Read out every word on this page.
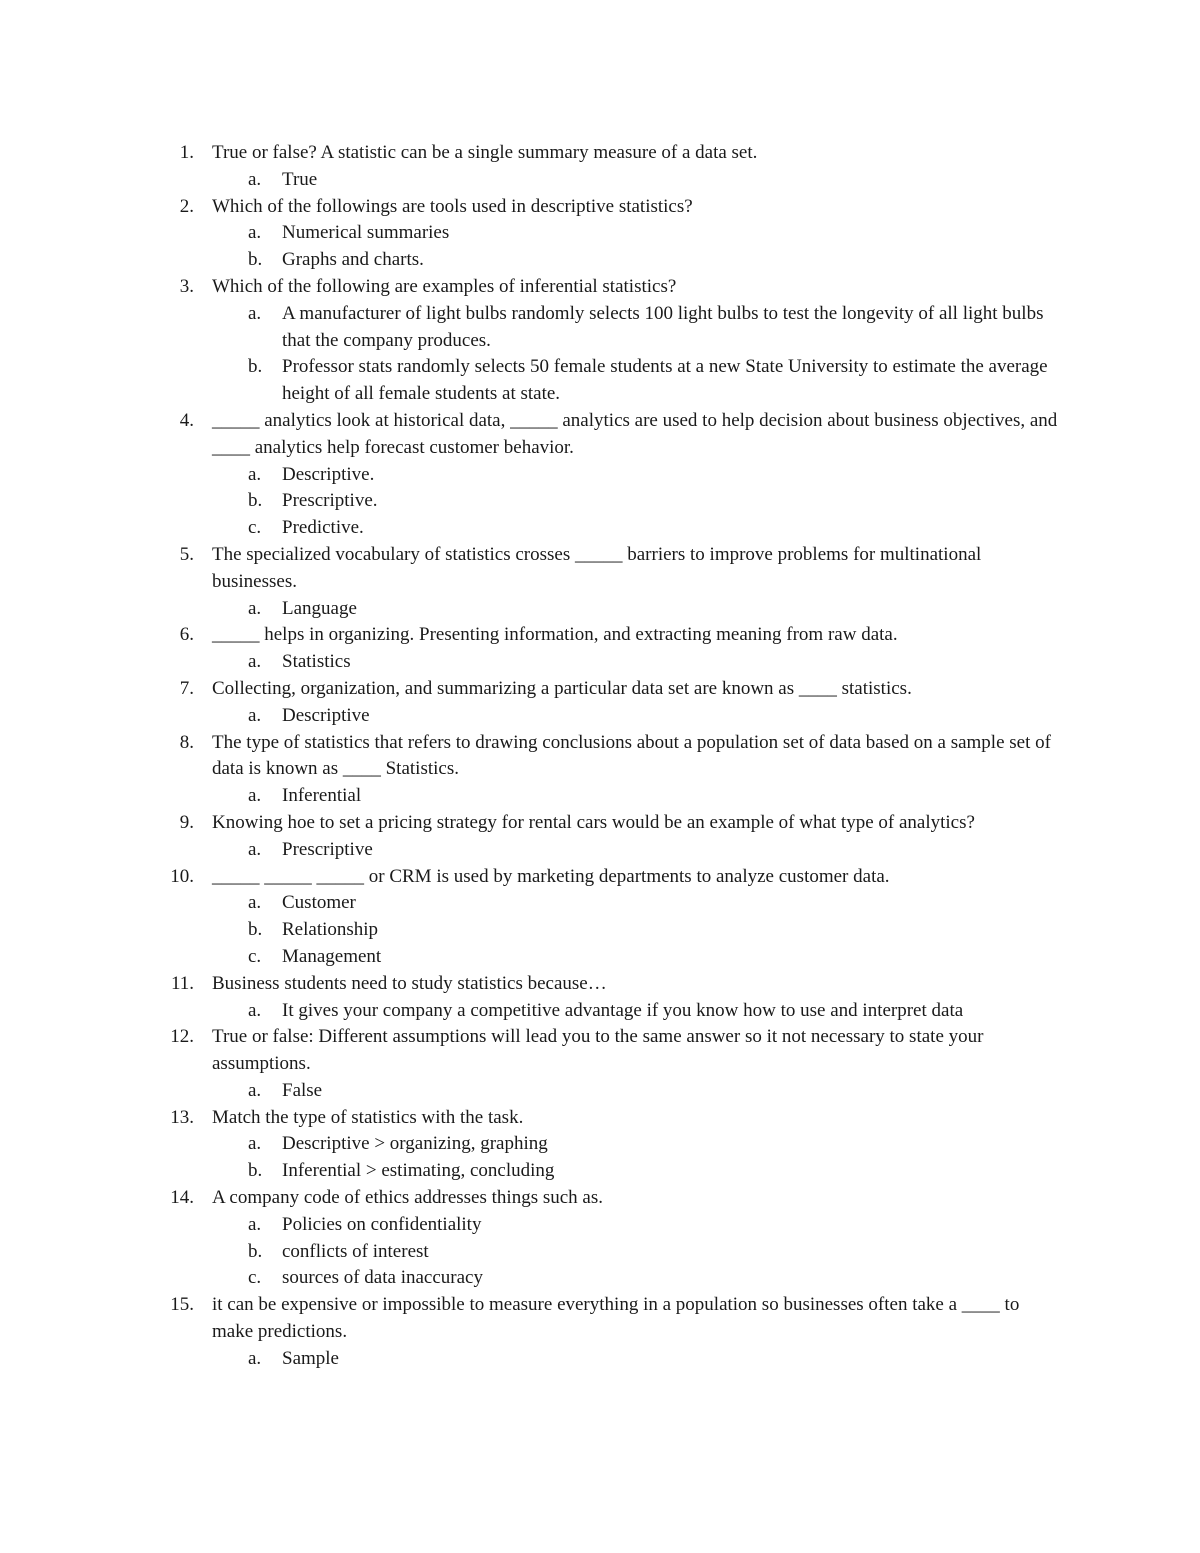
1. True or false? A statistic can be a single summary measure of a data set.
a.	True
2. Which of the followings are tools used in descriptive statistics?
a.	Numerical summaries
b.	Graphs and charts.
3. Which of the following are examples of inferential statistics?
a.	A manufacturer of light bulbs randomly selects 100 light bulbs to test the longevity of all light bulbs that the company produces.
b.	Professor stats randomly selects 50 female students at a new State University to estimate the average height of all female students at state.
4. _____ analytics look at historical data, _____ analytics are used to help decision about business objectives, and ____ analytics help forecast customer behavior.
a.	Descriptive.
b.	Prescriptive.
c.	Predictive.
5. The specialized vocabulary of statistics crosses _____ barriers to improve problems for multinational businesses.
a.	Language
6. _____ helps in organizing. Presenting information, and extracting meaning from raw data.
a.	Statistics
7. Collecting, organization, and summarizing a particular data set are known as ____ statistics.
a.	Descriptive
8. The type of statistics that refers to drawing conclusions about a population set of data based on a sample set of data is known as ____ Statistics.
a.	Inferential
9. Knowing hoe to set a pricing strategy for rental cars would be an example of what type of analytics?
a.	Prescriptive
10. _____ _____ _____ or CRM is used by marketing departments to analyze customer data.
a.	Customer
b.	Relationship
c.	Management
11. Business students need to study statistics because…
a.	It gives your company a competitive advantage if you know how to use and interpret data
12. True or false: Different assumptions will lead you to the same answer so it not necessary to state your assumptions.
a.	False
13. Match the type of statistics with the task.
a.	Descriptive > organizing, graphing
b.	Inferential > estimating, concluding
14. A company code of ethics addresses things such as.
a.	Policies on confidentiality
b.	conflicts of interest
c.	sources of data inaccuracy
15. it can be expensive or impossible to measure everything in a population so businesses often take a ____ to make predictions.
a.	Sample
